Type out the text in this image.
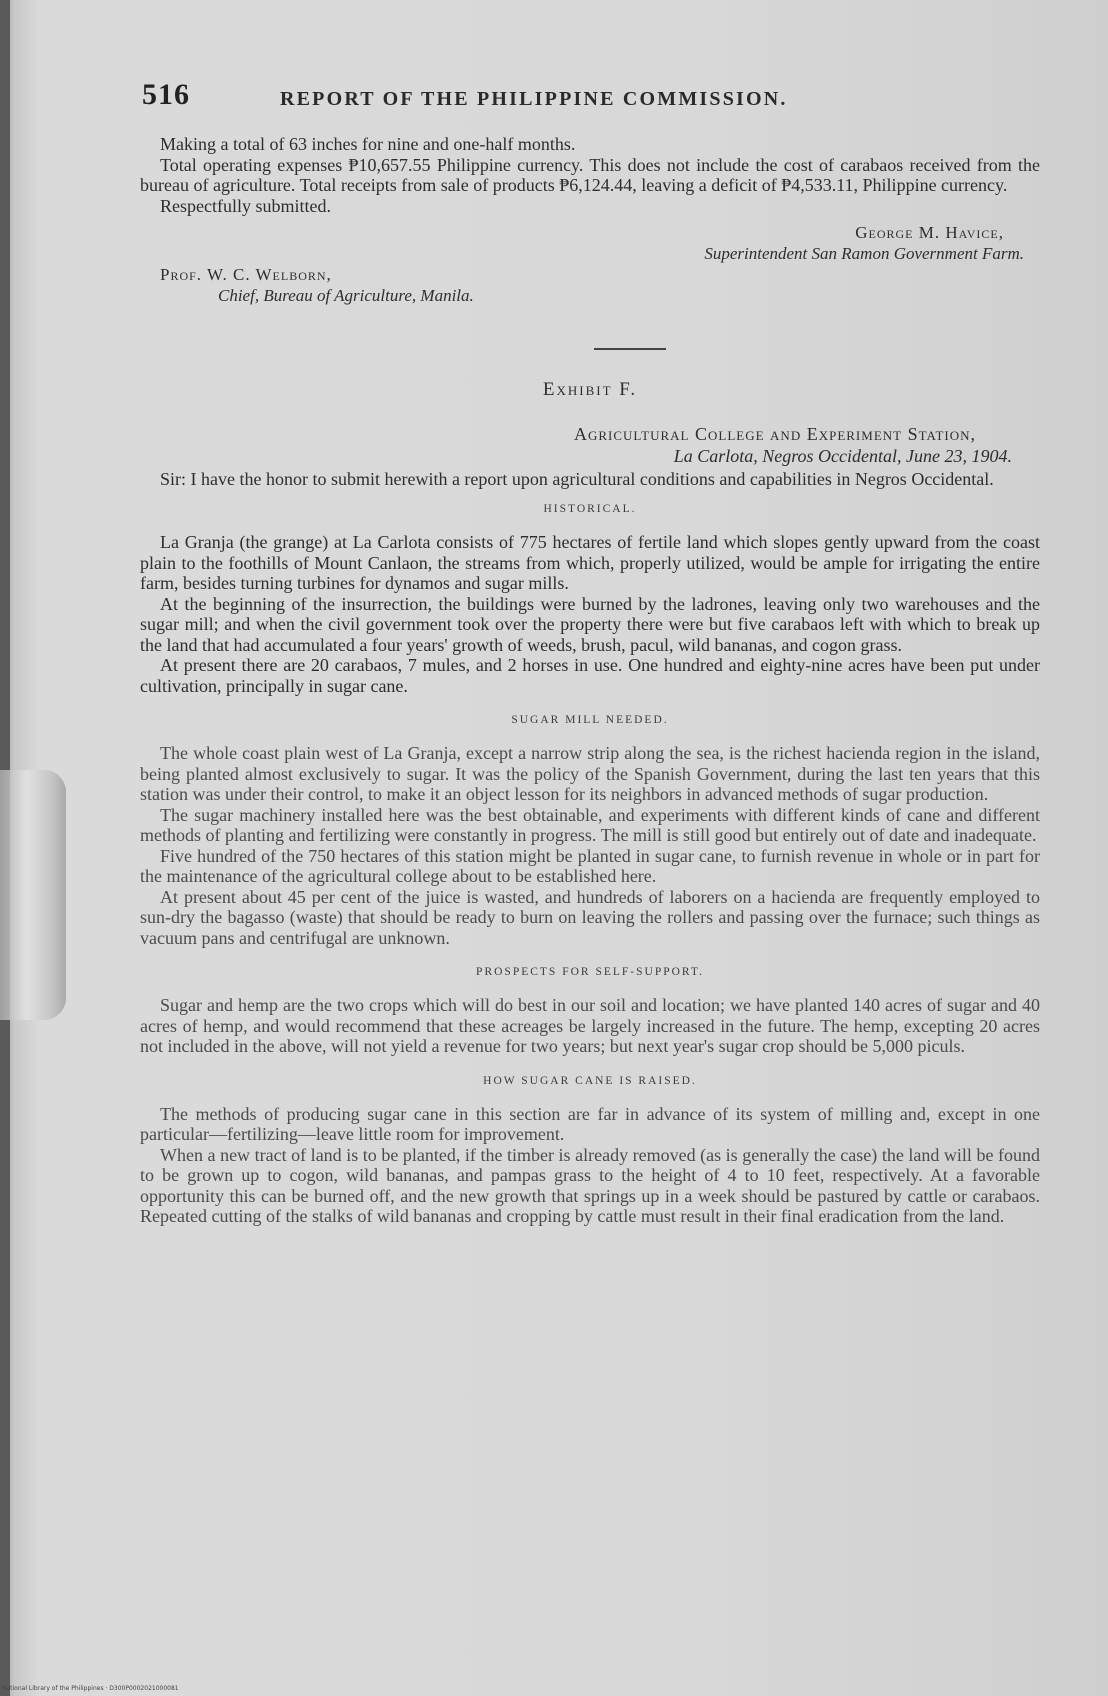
516	REPORT OF THE PHILIPPINE COMMISSION.

Making a total of 63 inches for nine and one-half months.

Total operating expenses ₱10,657.55 Philippine currency. This does not include the cost of carabaos received from the bureau of agriculture. Total receipts from sale of products ₱6,124.44, leaving a deficit of ₱4,533.11, Philippine currency.

Respectfully submitted.

George M. Havice,

Superintendent San Ramon Government Farm.

Prof. W. C. Welborn,

Chief, Bureau of Agriculture, Manila.

Exhibit F.

Agricultural College and Experiment Station,

La Carlota, Negros Occidental, June 23, 1904.

Sir: I have the honor to submit herewith a report upon agricultural conditions and capabilities in Negros Occidental.

HISTORICAL.

La Granja (the grange) at La Carlota consists of 775 hectares of fertile land which slopes gently upward from the coast plain to the foothills of Mount Canlaon, the streams from which, properly utilized, would be ample for irrigating the entire farm, besides turning turbines for dynamos and sugar mills.

At the beginning of the insurrection, the buildings were burned by the ladrones, leaving only two warehouses and the sugar mill; and when the civil government took over the property there were but five carabaos left with which to break up the land that had accumulated a four years' growth of weeds, brush, pacul, wild bananas, and cogon grass.

At present there are 20 carabaos, 7 mules, and 2 horses in use. One hundred and eighty-nine acres have been put under cultivation, principally in sugar cane.

SUGAR MILL NEEDED.

The whole coast plain west of La Granja, except a narrow strip along the sea, is the richest hacienda region in the island, being planted almost exclusively to sugar. It was the policy of the Spanish Government, during the last ten years that this station was under their control, to make it an object lesson for its neighbors in advanced methods of sugar production.

The sugar machinery installed here was the best obtainable, and experiments with different kinds of cane and different methods of planting and fertilizing were constantly in progress. The mill is still good but entirely out of date and inadequate.

Five hundred of the 750 hectares of this station might be planted in sugar cane, to furnish revenue in whole or in part for the maintenance of the agricultural college about to be established here.

At present about 45 per cent of the juice is wasted, and hundreds of laborers on a hacienda are frequently employed to sun-dry the bagasso (waste) that should be ready to burn on leaving the rollers and passing over the furnace; such things as vacuum pans and centrifugal are unknown.

PROSPECTS FOR SELF-SUPPORT.

Sugar and hemp are the two crops which will do best in our soil and location; we have planted 140 acres of sugar and 40 acres of hemp, and would recommend that these acreages be largely increased in the future. The hemp, excepting 20 acres not included in the above, will not yield a revenue for two years; but next year's sugar crop should be 5,000 piculs.

HOW SUGAR CANE IS RAISED.

The methods of producing sugar cane in this section are far in advance of its system of milling and, except in one particular—fertilizing—leave little room for improvement.

When a new tract of land is to be planted, if the timber is already removed (as is generally the case) the land will be found to be grown up to cogon, wild bananas, and pampas grass to the height of 4 to 10 feet, respectively. At a favorable opportunity this can be burned off, and the new growth that springs up in a week should be pastured by cattle or carabaos. Repeated cutting of the stalks of wild bananas and cropping by cattle must result in their final eradication from the land.

National Library of the Philippines · D300P0002021000081
